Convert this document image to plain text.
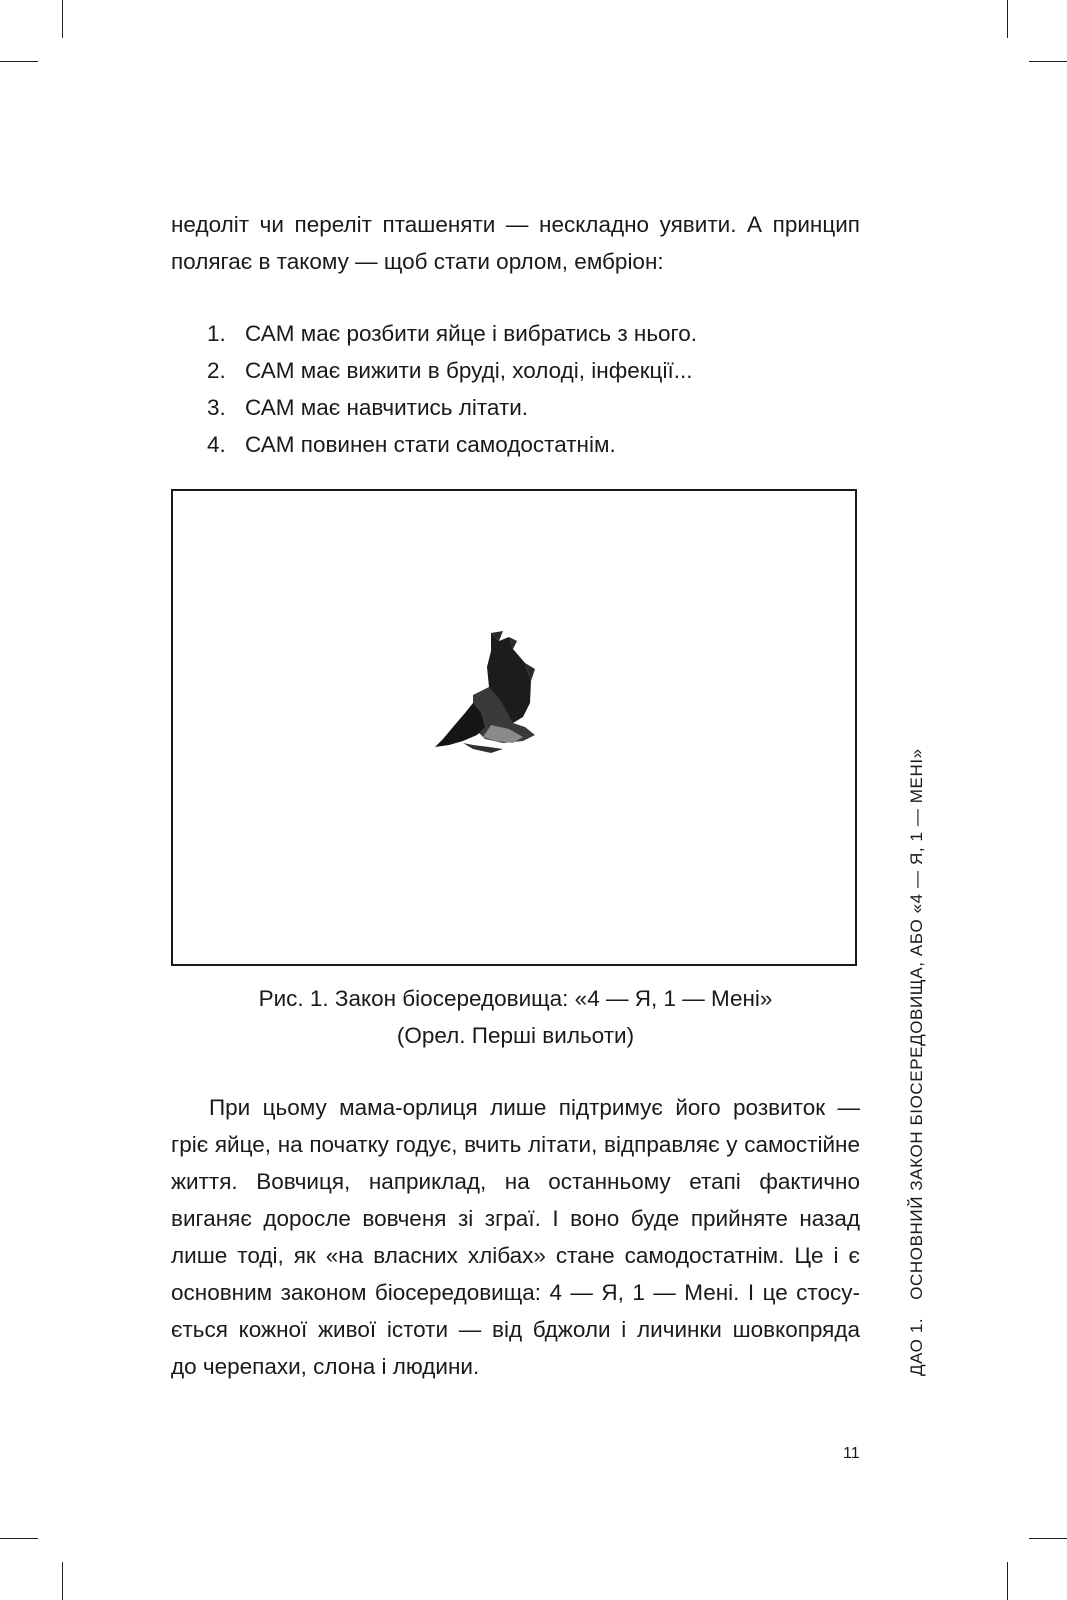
недоліт чи переліт пташеняти — нескладно уявити. А принцип
полягає в такому — щоб стати орлом, ембріон:
1. САМ має розбити яйце і вибратись з нього.
2. САМ має вижити в бруді, холоді, інфекції...
3. САМ має навчитись літати.
4. САМ повинен стати самодостатнім.
Рис. 1. Закон біосередовища: «4 — Я, 1 — Мені»
(Орел. Перші вильоти)
При цьому мама-орлиця лише підтримує його розвиток —
гріє яйце, на початку годує, вчить літати, відправляє у самостійне
життя. Вовчиця, наприклад, на останньому етапі фактично
виганяє доросле вовченя зі зграї. І воно буде прийняте назад
лише тоді, як «на власних хлібах» стане самодостатнім. Це і є
основним законом біосередовища: 4 — Я, 1 — Мені. І це стосу-
ється кожної живої істоти — від бджоли і личинки шовкопряда
до черепахи, слона і людини.	ДАО 1.ОСНОВНИЙ ЗАКОН БІОСЕРЕДОВИЩА, АБО «4 — Я, 1 — МЕНІ»
11
